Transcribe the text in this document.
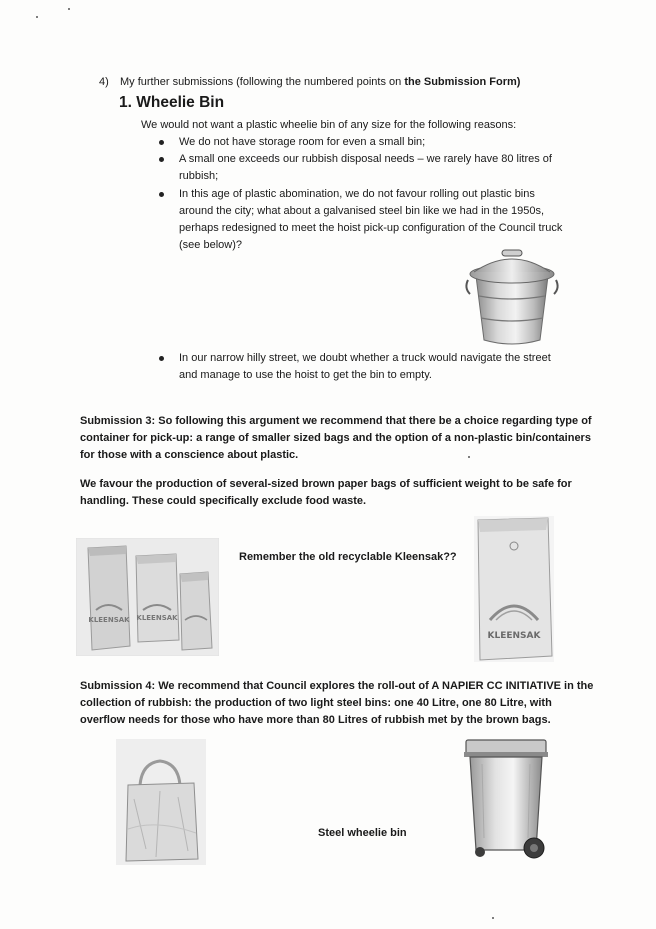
4) My further submissions (following the numbered points on the Submission Form)
1. Wheelie Bin
We would not want a plastic wheelie bin of any size for the following reasons:
We do not have storage room for even a small bin;
A small one exceeds our rubbish disposal needs – we rarely have 80 litres of
rubbish;
In this age of plastic abomination, we do not favour rolling out plastic bins
around the city; what about a galvanised steel bin like we had in the 1950s,
perhaps redesigned to meet the hoist pick-up configuration of the Council truck
(see below)?
In our narrow hilly street, we doubt whether a truck would navigate the street
and manage to use the hoist to get the bin to empty.
Submission 3: So following this argument we recommend that there be a choice regarding type of
container for pick-up: a range of smaller sized bags and the option of a non-plastic bin/containers
for those with a conscience about plastic.
We favour the production of several-sized brown paper bags of sufficient weight to be safe for
handling. These could specifically exclude food waste.
KLEENSAK KLEENSAK
Remember the old recyclable Kleensak??
KLEENSAK
Submission 4: We recommend that Council explores the roll-out of A NAPIER CC INITIATIVE in the
collection of rubbish: the production of two light steel bins: one 40 Litre, one 80 Litre, with
overflow needs for those who have more than 80 Litres of rubbish met by the brown bags.
Steel wheelie bin
